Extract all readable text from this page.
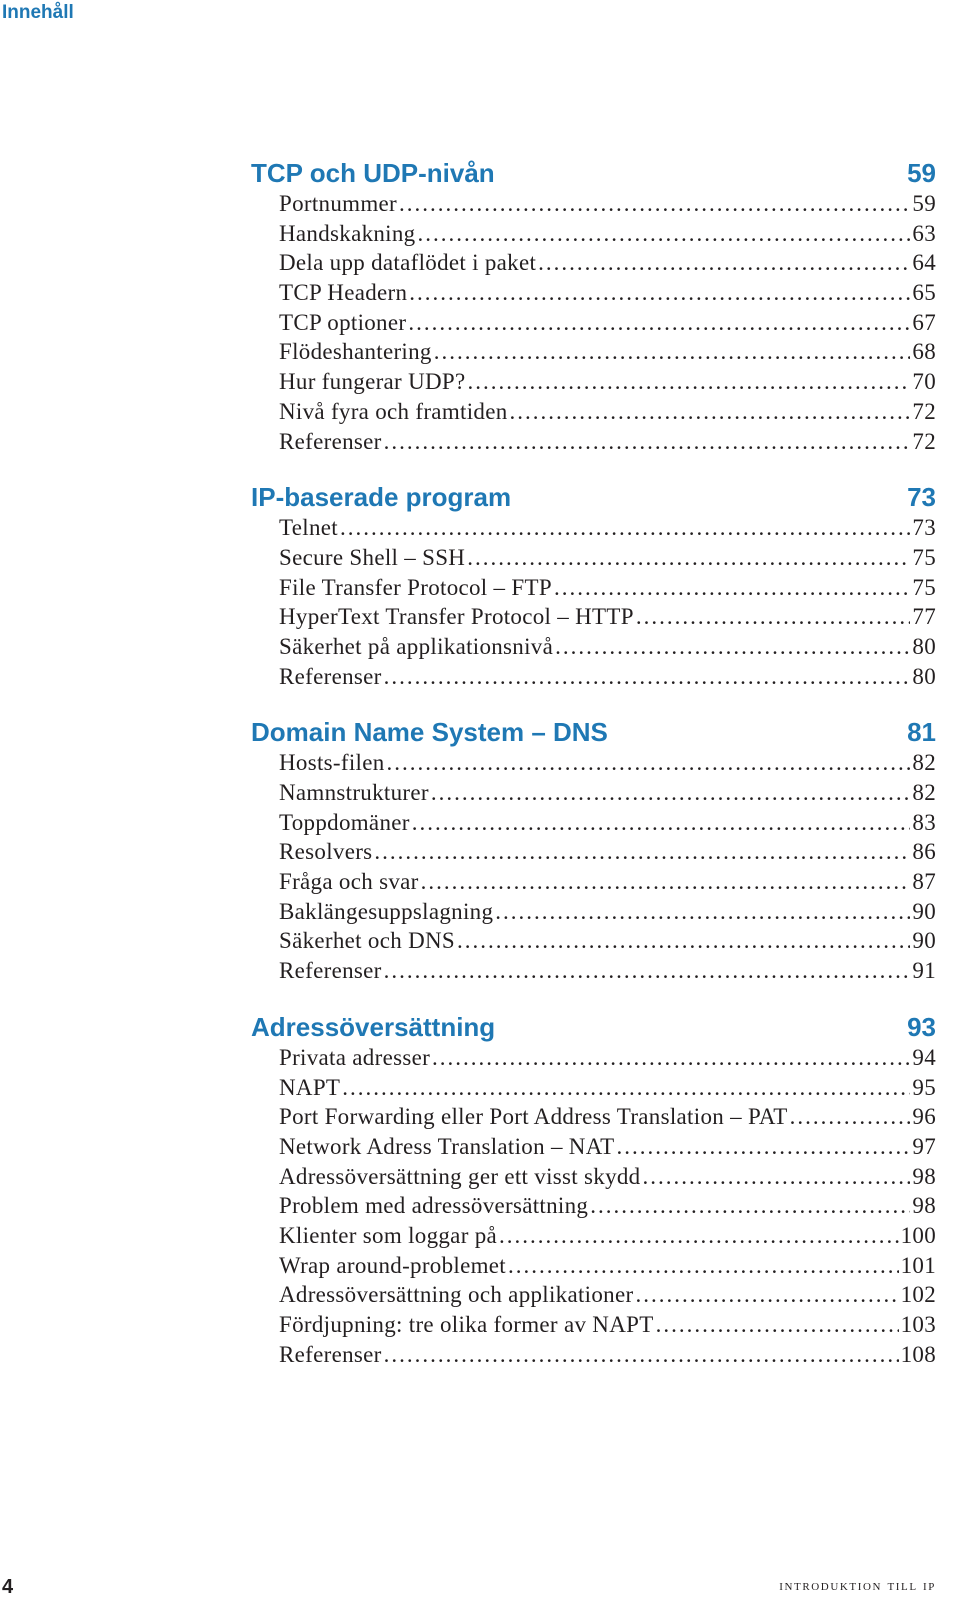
Innehåll
TCP och UDP-nivån	59
Portnummer .....	59
Handskakning .....	63
Dela upp dataflödet i paket .....	64
TCP Headern .....	65
TCP optioner .....	67
Flödeshantering .....	68
Hur fungerar UDP? .....	70
Nivå fyra och framtiden .....	72
Referenser .....	72
IP-baserade program	73
Telnet .....	73
Secure Shell – SSH .....	75
File Transfer Protocol – FTP .....	75
HyperText Transfer Protocol – HTTP .....	77
Säkerhet på applikationsnivå .....	80
Referenser .....	80
Domain Name System – DNS	81
Hosts-filen .....	82
Namnstrukturer .....	82
Toppdomäner .....	83
Resolvers .....	86
Fråga och svar .....	87
Baklängesuppslagning .....	90
Säkerhet och DNS .....	90
Referenser .....	91
Adressöversättning	93
Privata adresser .....	94
NAPT .....	95
Port Forwarding eller Port Address Translation – PAT .....	96
Network Adress Translation – NAT .....	97
Adressöversättning ger ett visst skydd .....	98
Problem med adressöversättning .....	98
Klienter som loggar på .....	100
Wrap around-problemet .....	101
Adressöversättning och applikationer .....	102
Fördjupning: tre olika former av NAPT .....	103
Referenser .....	108
4	introduktion till ip
